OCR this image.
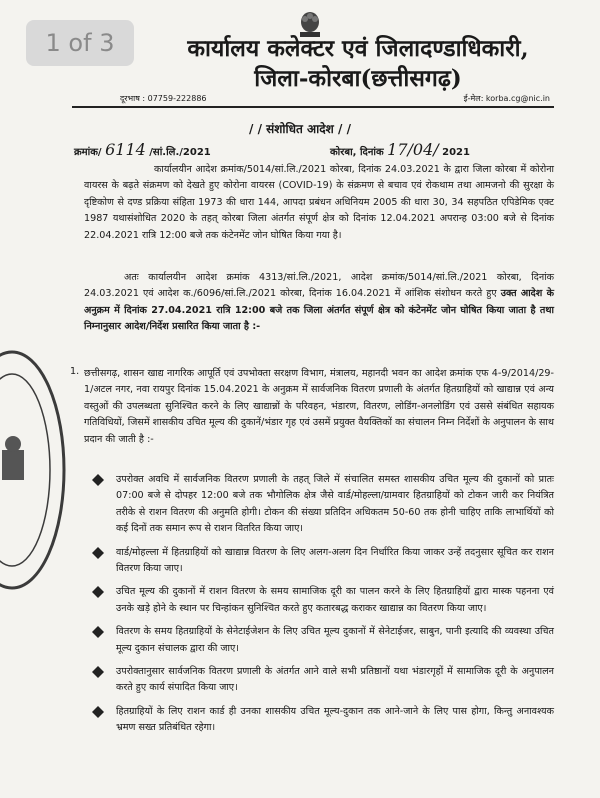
1 of 3	कार्यालय कलेक्टर एवं जिलादण्डाधिकारी,
जिला-कोरबा(छत्तीसगढ़)
दूरभाष : 07759-222886	ई-मेल: korba.cg@nic.in
/ / संशोधित आदेश / /
क्रमांक/ 6114 /सां.लि./2021	कोरबा, दिनांक 17/04/ 2021

कार्यालयीन आदेश क्रमांक/5014/सां.लि./2021 कोरबा, दिनांक 24.03.2021 के द्वारा जिला कोरबा में कोरोना वायरस के बढ़ते संक्रमण को देखते हुए कोरोना वायरस (COVID-19) के संक्रमण से बचाव एवं रोकथाम तथा आमजनो की सुरक्षा के दृष्टिकोण से दण्ड प्रक्रिया संहिता 1973 की धारा 144, आपदा प्रबंधन अधिनियम 2005 की धारा 30, 34 सहपठित एपिडेमिक एक्ट 1987 यथासंशोधित 2020 के तहत् कोरबा जिला अंतर्गत संपूर्ण क्षेत्र को दिनांक 12.04.2021 अपरान्ह 03:00 बजे से दिनांक 22.04.2021 रात्रि 12:00 बजे तक कंटेनमेंट जोन घोषित किया गया है।

अतः कार्यालयीन आदेश क्रमांक 4313/सां.लि./2021, आदेश क्रमांक/5014/सां.लि./2021 कोरबा, दिनांक 24.03.2021 एवं आदेश क./6096/सां.लि./2021 कोरबा, दिनांक 16.04.2021 में आंशिक संशोधन करते हुए उक्त आदेश के अनुक्रम में दिनांक 27.04.2021 रात्रि 12:00 बजे तक जिला अंतर्गत संपूर्ण क्षेत्र को कंटेनमेंट जोन घोषित किया जाता है तथा निम्नानुसार आदेश/निर्देश प्रसारित किया जाता है :-

1. छत्तीसगढ़, शासन खाद्य नागरिक आपूर्ति एवं उपभोक्ता सरक्षण विभाग, मंत्रालय, महानदी भवन का आदेश क्रमांक एफ 4-9/2014/29-1/अटल नगर, नवा रायपुर दिनांक 15.04.2021 के अनुक्रम में सार्वजनिक वितरण प्रणाली के अंतर्गत हितग्राहियों को खाद्यान्न एवं अन्य वस्तुओं की उपलब्धता सुनिश्चित करने के लिए खाद्यान्नों के परिवहन, भंडारण, वितरण, लोडिंग-अनलोडिंग एवं उससे संबंधित सहायक गतिविधियों, जिसमें शासकीय उचित मूल्य की दुकानें/भंडार गृह एवं उसमें प्रयुक्त वैयक्तिकों का संचालन निम्न निर्देशों के अनुपालन के साथ प्रदान की जाती है :-

उपरोक्त अवधि में सार्वजनिक वितरण प्रणाली के तहत् जिले में संचालित समस्त शासकीय उचित मूल्य की दुकानों को प्रातः 07:00 बजे से दोपहर 12:00 बजे तक भौगोलिक क्षेत्र जैसे वार्ड/मोहल्ला/ग्रामवार हितग्राहियों को टोकन जारी कर नियंत्रित तरीके से राशन वितरण की अनुमति होगी। टोकन की संख्या प्रतिदिन अधिकतम 50-60 तक होनी चाहिए ताकि लाभार्थियों को कई दिनों तक समान रूप से राशन वितरित किया जाए।
वार्ड/मोहल्ला में हितग्राहियों को खाद्यान्न वितरण के लिए अलग-अलग दिन निर्धारित किया जाकर उन्हें तदनुसार सूचित कर राशन वितरण किया जाए।
उचित मूल्य की दुकानों में राशन वितरण के समय सामाजिक दूरी का पालन करने के लिए हितग्राहियों द्वारा मास्क पहनना एवं उनके खड़े होने के स्थान पर चिन्हांकन सुनिश्चित करते हुए कतारबद्ध कराकर खाद्यान्न का वितरण किया जाए।
वितरण के समय हितग्राहियों के सेनेटाईजेशन के लिए उचित मूल्य दुकानों में सेनेटाईजर, साबुन, पानी इत्यादि की व्यवस्था उचित मूल्य दुकान संचालक द्वारा की जाए।
उपरोक्तानुसार सार्वजनिक वितरण प्रणाली के अंतर्गत आने वाले सभी प्रतिष्ठानों यथा भंडारगृहों में सामाजिक दूरी के अनुपालन करते हुए कार्य संपादित किया जाए।
हितग्राहियों के लिए राशन कार्ड ही उनका शासकीय उचित मूल्य-दुकान तक आने-जाने के लिए पास होगा, किन्तु अनावश्यक भ्रमण सख्त प्रतिबंधित रहेगा।
